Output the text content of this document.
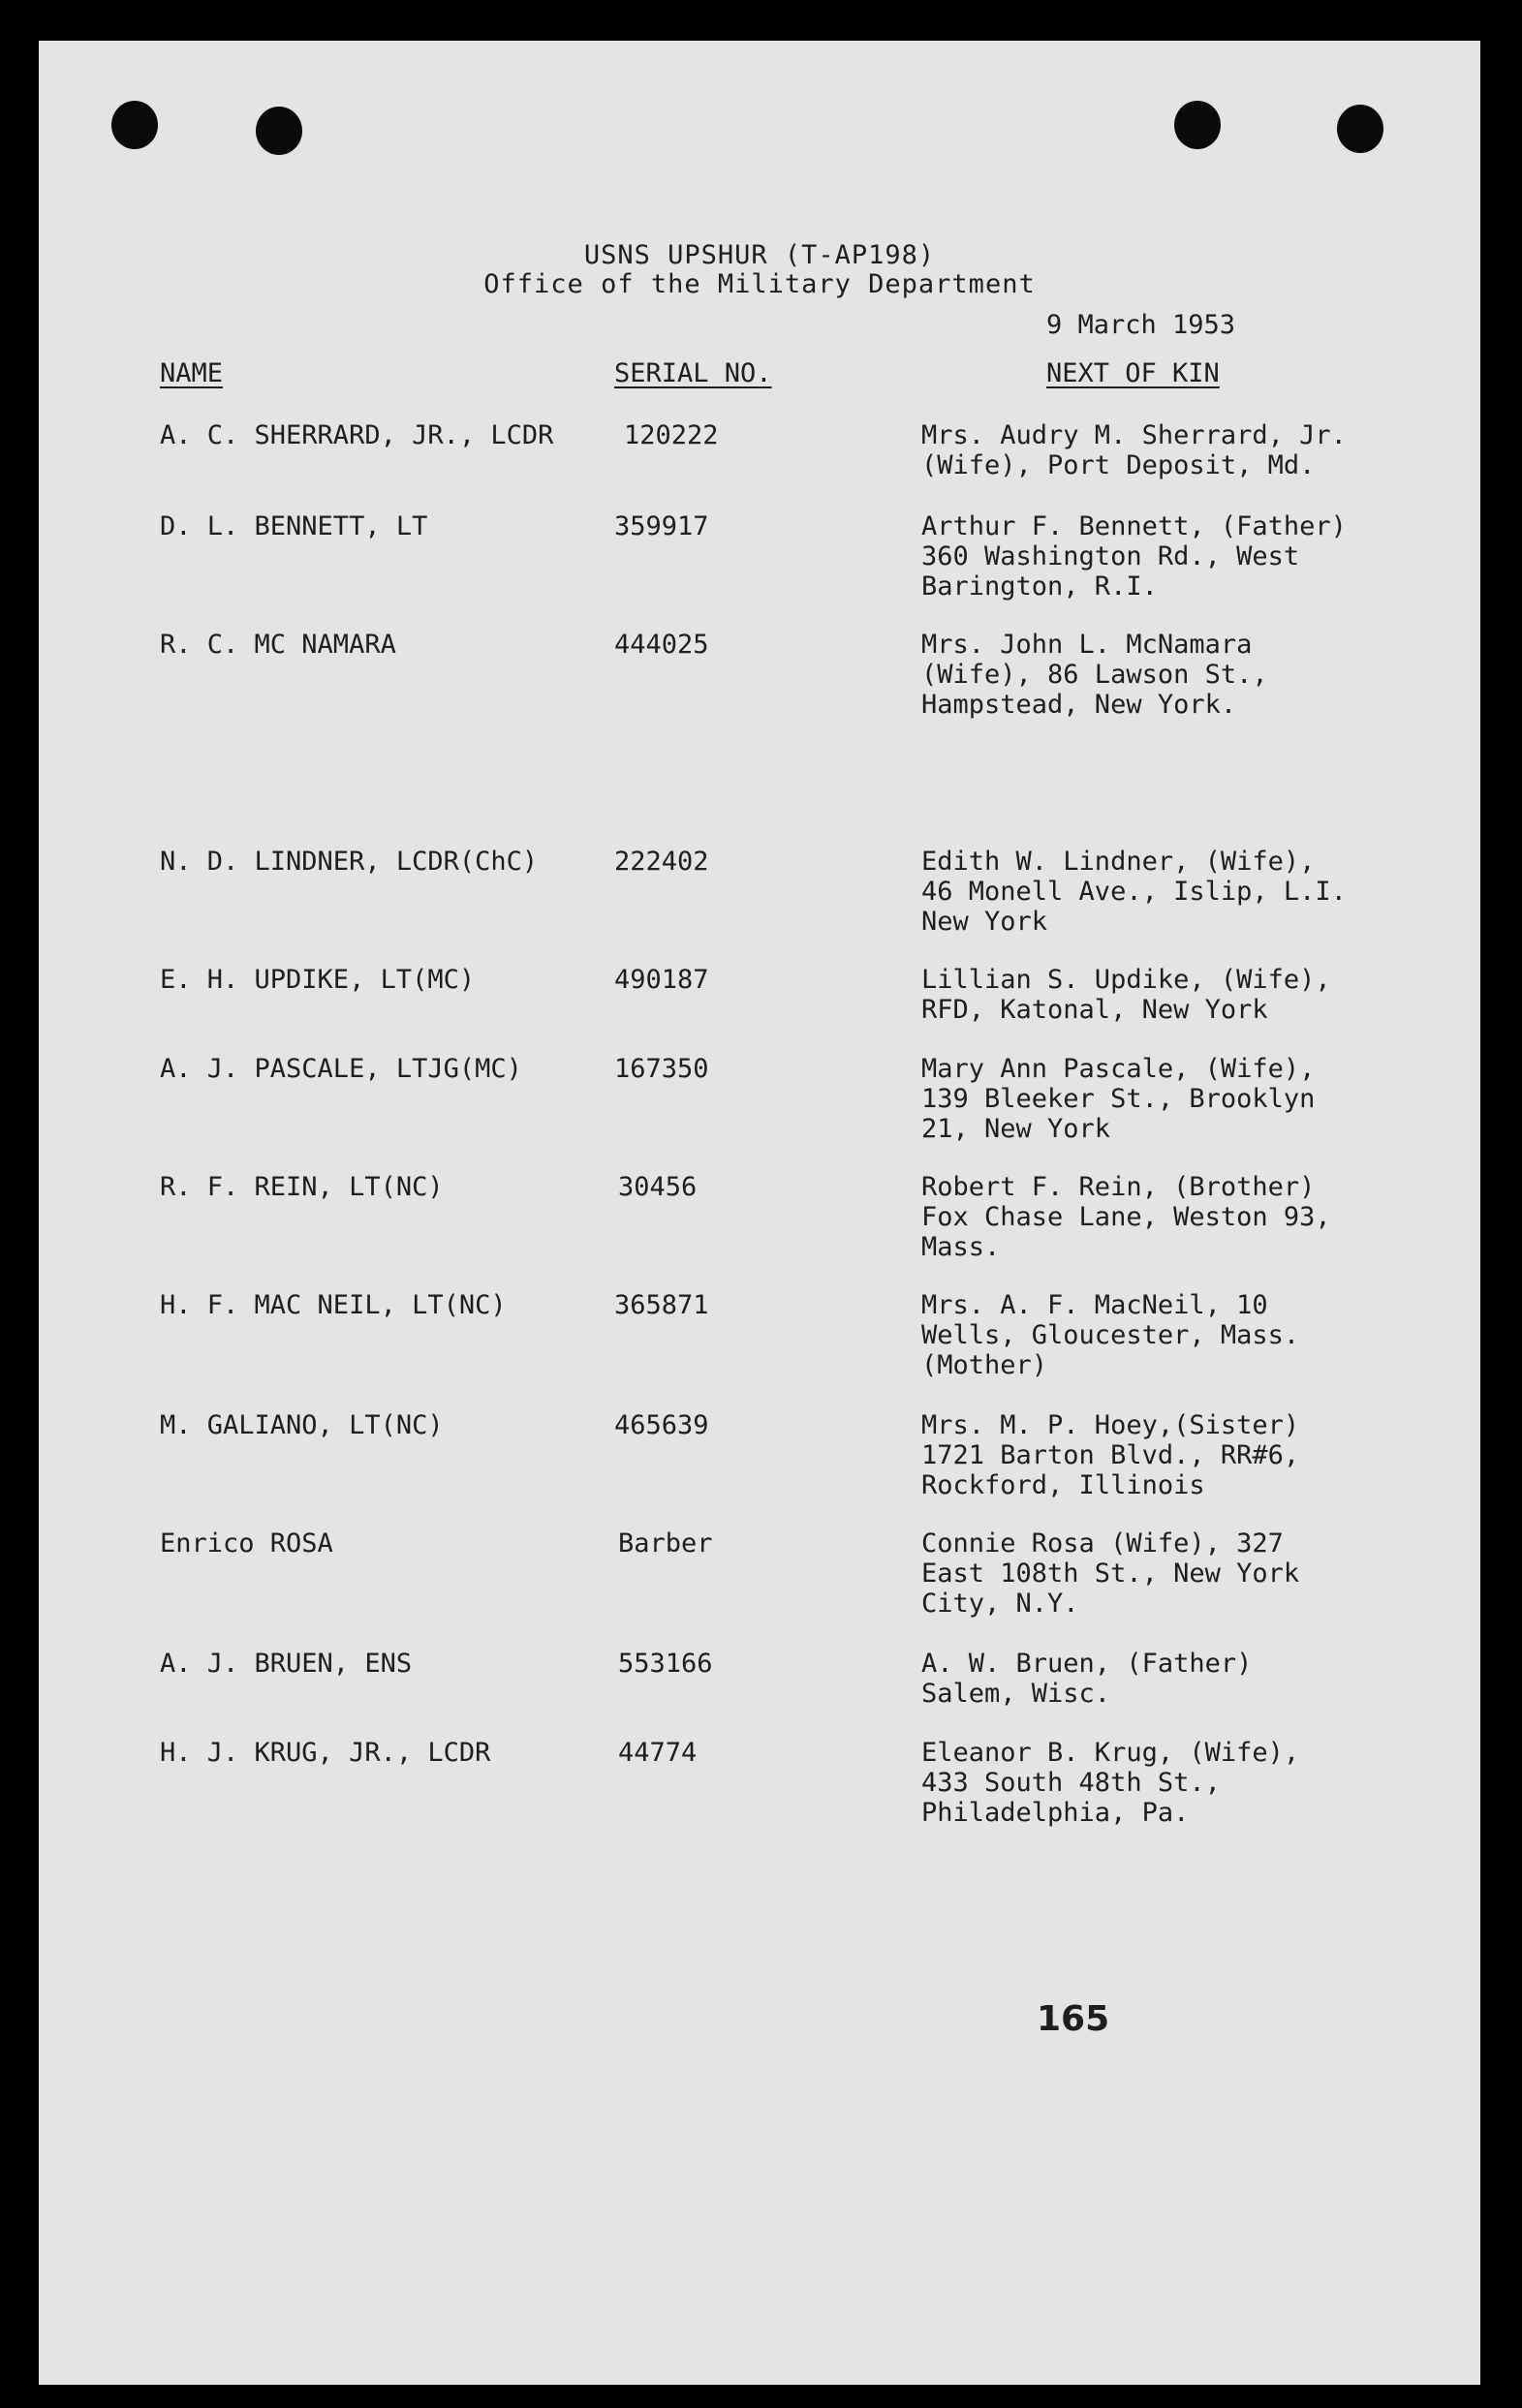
USNS UPSHUR (T-AP198)
Office of the Military Department
9 March 1953
NAME	SERIAL NO.	NEXT OF KIN
A. C. SHERRARD, JR., LCDR	120222	Mrs. Audry M. Sherrard, Jr.
(Wife), Port Deposit, Md.
D. L. BENNETT, LT	359917	Arthur F. Bennett, (Father)
360 Washington Rd., West
Barington, R.I.
R. C. MC NAMARA	444025	Mrs. John L. McNamara
(Wife), 86 Lawson St.,
Hampstead, New York.
N. D. LINDNER, LCDR(ChC)	222402	Edith W. Lindner, (Wife),
46 Monell Ave., Islip, L.I.
New York
E. H. UPDIKE, LT(MC)	490187	Lillian S. Updike, (Wife),
RFD, Katonal, New York
A. J. PASCALE, LTJG(MC)	167350	Mary Ann Pascale, (Wife),
139 Bleeker St., Brooklyn
21, New York
R. F. REIN, LT(NC)	30456	Robert F. Rein, (Brother)
Fox Chase Lane, Weston 93,
Mass.
H. F. MAC NEIL, LT(NC)	365871	Mrs. A. F. MacNeil, 10
Wells, Gloucester, Mass.
(Mother)
M. GALIANO, LT(NC)	465639	Mrs. M. P. Hoey,(Sister)
1721 Barton Blvd., RR#6,
Rockford, Illinois
Enrico ROSA	Barber	Connie Rosa (Wife), 327
East 108th St., New York
City, N.Y.
A. J. BRUEN, ENS	553166	A. W. Bruen, (Father)
Salem, Wisc.
H. J. KRUG, JR., LCDR	44774	Eleanor B. Krug, (Wife),
433 South 48th St.,
Philadelphia, Pa.
165
